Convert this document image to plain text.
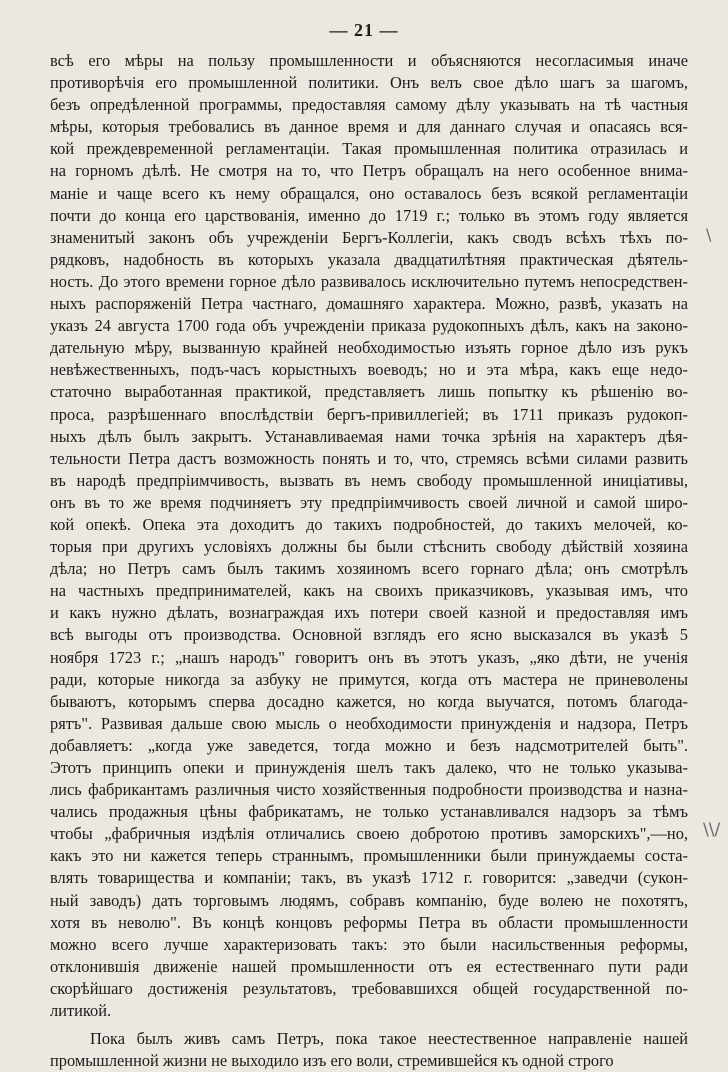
— 21 —
всѣ его мѣры на пользу промышленности и объясняются несогласимыя иначе
противорѣчія его промышленной политики. Онъ велъ свое дѣло шагъ за шагомъ,
безъ опредѣленной программы, предоставляя самому дѣлу указывать на тѣ частныя
мѣры, которыя требовались въ данное время и для даннаго случая и опасаясь вся-
кой преждевременной регламентаціи. Такая промышленная политика отразилась и
на горномъ дѣлѣ. Не смотря на то, что Петръ обращалъ на него особенное внима-
маніе и чаще всего къ нему обращался, оно оставалось безъ всякой регламентаціи
почти до конца его царствованія, именно до 1719 г.; только въ этомъ году является
знаменитый законъ объ учрежденіи Бергъ-Коллегіи, какъ сводъ всѣхъ тѣхъ по-
рядковъ, надобность въ которыхъ указала двадцатилѣтняя практическая дѣятель-
ность. До этого времени горное дѣло развивалось исключительно путемъ непосредствен-
ныхъ распоряженій Петра частнаго, домашняго характера. Можно, развѣ, указать на
указъ 24 августа 1700 года объ учрежденіи приказа рудокопныхъ дѣлъ, какъ на законо-
дательную мѣру, вызванную крайней необходимостью изъять горное дѣло изъ рукъ
невѣжественныхъ, подъ-часъ корыстныхъ воеводъ; но и эта мѣра, какъ еще недо-
статочно выработанная практикой, представляетъ лишь попытку къ рѣшенію во-
проса, разрѣшеннаго впослѣдствіи бергъ-привиллегіей; въ 1711 приказъ рудокоп-
ныхъ дѣлъ былъ закрытъ. Устанавливаемая нами точка зрѣнія на характеръ дѣя-
тельности Петра дастъ возможность понять и то, что, стремясь всѣми силами развить
въ народѣ предпріимчивость, вызвать въ немъ свободу промышленной иниціативы,
онъ въ то же время подчиняетъ эту предпріимчивость своей личной и самой широ-
кой опекѣ. Опека эта доходитъ до такихъ подробностей, до такихъ мелочей, ко-
торыя при другихъ условіяхъ должны бы были стѣснить свободу дѣйствій хозяина
дѣла; но Петръ самъ былъ такимъ хозяиномъ всего горнаго дѣла; онъ смотрѣлъ
на частныхъ предпринимателей, какъ на своихъ приказчиковъ, указывая имъ, что
и какъ нужно дѣлать, вознаграждая ихъ потери своей казной и предоставляя имъ
всѣ выгоды отъ производства. Основной взглядъ его ясно высказался въ указѣ 5
ноября 1723 г.; „нашъ народъ" говоритъ онъ въ этотъ указъ, „яко дѣти, не ученія
ради, которые никогда за азбуку не примутся, когда отъ мастера не приневолены
бываютъ, которымъ сперва досадно кажется, но когда выучатся, потомъ благода-
рятъ". Развивая дальше свою мысль о необходимости принужденія и надзора, Петръ
добавляетъ: „когда уже заведется, тогда можно и безъ надсмотрителей быть".
Этотъ принципъ опеки и принужденія шелъ такъ далеко, что не только указыва-
лись фабрикантамъ различныя чисто хозяйственныя подробности производства и назна-
чались продажныя цѣны фабрикатамъ, не только устанавливался надзоръ за тѣмъ
чтобы „фабричныя издѣлія отличались своею добротою противъ заморскихъ",—но,
какъ это ни кажется теперь страннымъ, промышленники были принуждаемы соста-
влять товарищества и компаніи; такъ, въ указѣ 1712 г. говорится: „заведчи (сукон-
ный заводъ) дать торговымъ людямъ, собравъ компанію, буде волею не похотятъ,
хотя въ неволю". Въ концѣ концовъ реформы Петра въ области промышленности
можно всего лучше характеризовать такъ: это были насильственныя реформы,
отклонившія движеніе нашей промышленности отъ ея естественнаго пути ради
скорѣйшаго достиженія результатовъ, требовавшихся общей государственной по-
литикой.
Пока былъ живъ самъ Петръ, пока такое неестественное направленіе нашей
промышленной жизни не выходило изъ его воли, стремившейся къ одной строго
\
\\/
